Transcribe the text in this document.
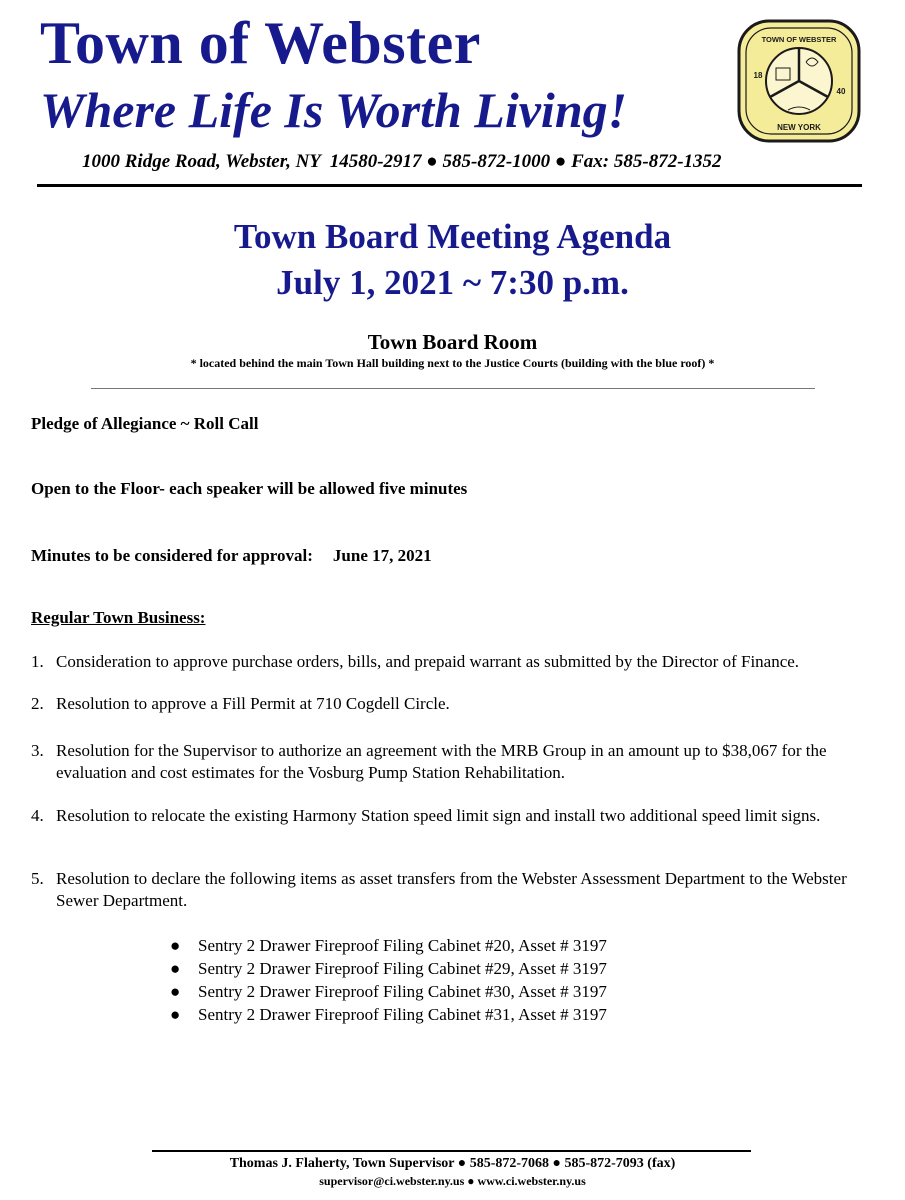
Town of Webster
Where Life Is Worth Living!
1000 Ridge Road, Webster, NY  14580-2917 ● 585-872-1000 ● Fax: 585-872-1352
TOWN OF WEBSTER
NEW YORK
18
40
Town Board Meeting Agenda
July 1, 2021 ~ 7:30 p.m.
Town Board Room
* located behind the main Town Hall building next to the Justice Courts (building with the blue roof) *
Pledge of Allegiance ~ Roll Call
Open to the Floor- each speaker will be allowed five minutes
Minutes to be considered for approval: June 17, 2021
Regular Town Business:
1. Consideration to approve purchase orders, bills, and prepaid warrant as submitted by the Director of Finance.
2. Resolution to approve a Fill Permit at 710 Cogdell Circle.
3. Resolution for the Supervisor to authorize an agreement with the MRB Group in an amount up to $38,067 for the evaluation and cost estimates for the Vosburg Pump Station Rehabilitation.
4. Resolution to relocate the existing Harmony Station speed limit sign and install two additional speed limit signs.
5. Resolution to declare the following items as asset transfers from the Webster Assessment Department to the Webster Sewer Department.
●	Sentry 2 Drawer Fireproof Filing Cabinet #20, Asset # 3197
●	Sentry 2 Drawer Fireproof Filing Cabinet #29, Asset # 3197
●	Sentry 2 Drawer Fireproof Filing Cabinet #30, Asset # 3197
●	Sentry 2 Drawer Fireproof Filing Cabinet #31, Asset # 3197
Thomas J. Flaherty, Town Supervisor ● 585-872-7068 ● 585-872-7093 (fax)
supervisor@ci.webster.ny.us ● www.ci.webster.ny.us
